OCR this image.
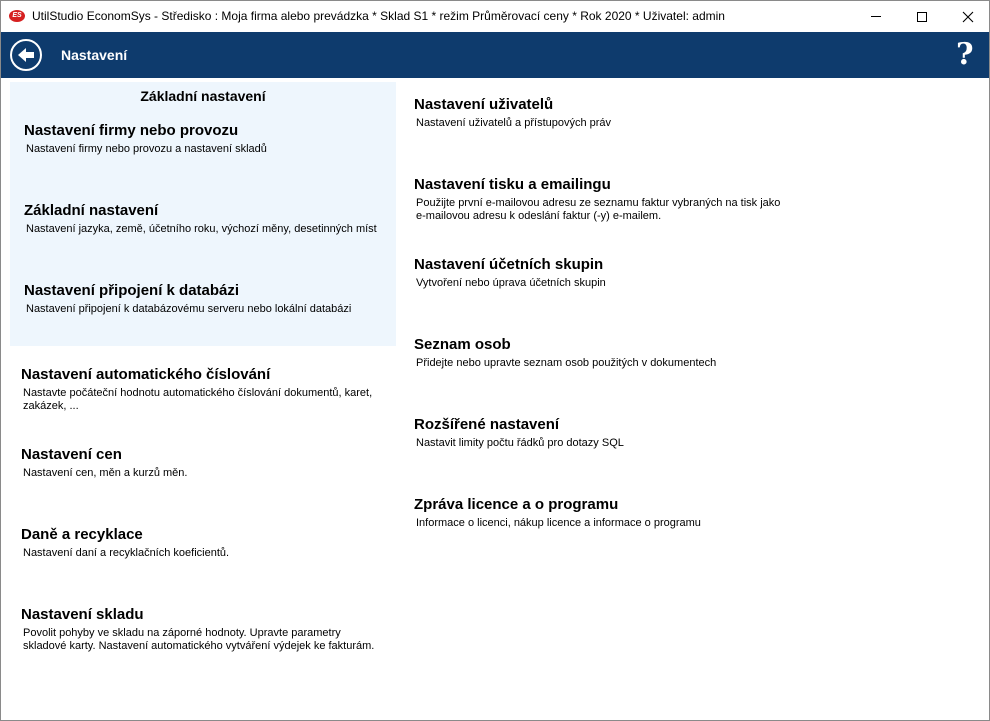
ES UtilStudio EconomSys - Středisko : Moja firma alebo prevádzka * Sklad S1 * režim Průměrovací ceny * Rok 2020 * Uživatel: admin
Nastavení	?
Základní nastavení
Nastavení firmy nebo provozu
Nastavení firmy nebo provozu a nastavení skladů
Základní nastavení
Nastavení jazyka, země, účetního roku, výchozí měny, desetinných míst
Nastavení připojení k databázi
Nastavení připojení k databázovému serveru nebo lokální databázi
Nastavení automatického číslování
Nastavte počáteční hodnotu automatického číslování dokumentů, karet, zakázek, ...
Nastavení cen
Nastavení cen, měn a kurzů měn.
Daně a recyklace
Nastavení daní a recyklačních koeficientů.
Nastavení skladu
Povolit pohyby ve skladu na záporné hodnoty. Upravte parametry skladové karty. Nastavení automatického vytváření výdejek ke fakturám.
Nastavení uživatelů
Nastavení uživatelů a přístupových práv
Nastavení tisku a emailingu
Použijte první e-mailovou adresu ze seznamu faktur vybraných na tisk jako e-mailovou adresu k odeslání faktur (-y) e-mailem.
Nastavení účetních skupin
Vytvoření nebo úprava účetních skupin
Seznam osob
Přidejte nebo upravte seznam osob použitých v dokumentech
Rozšířené nastavení
Nastavit limity počtu řádků pro dotazy SQL
Zpráva licence a o programu
Informace o licenci, nákup licence a informace o programu
